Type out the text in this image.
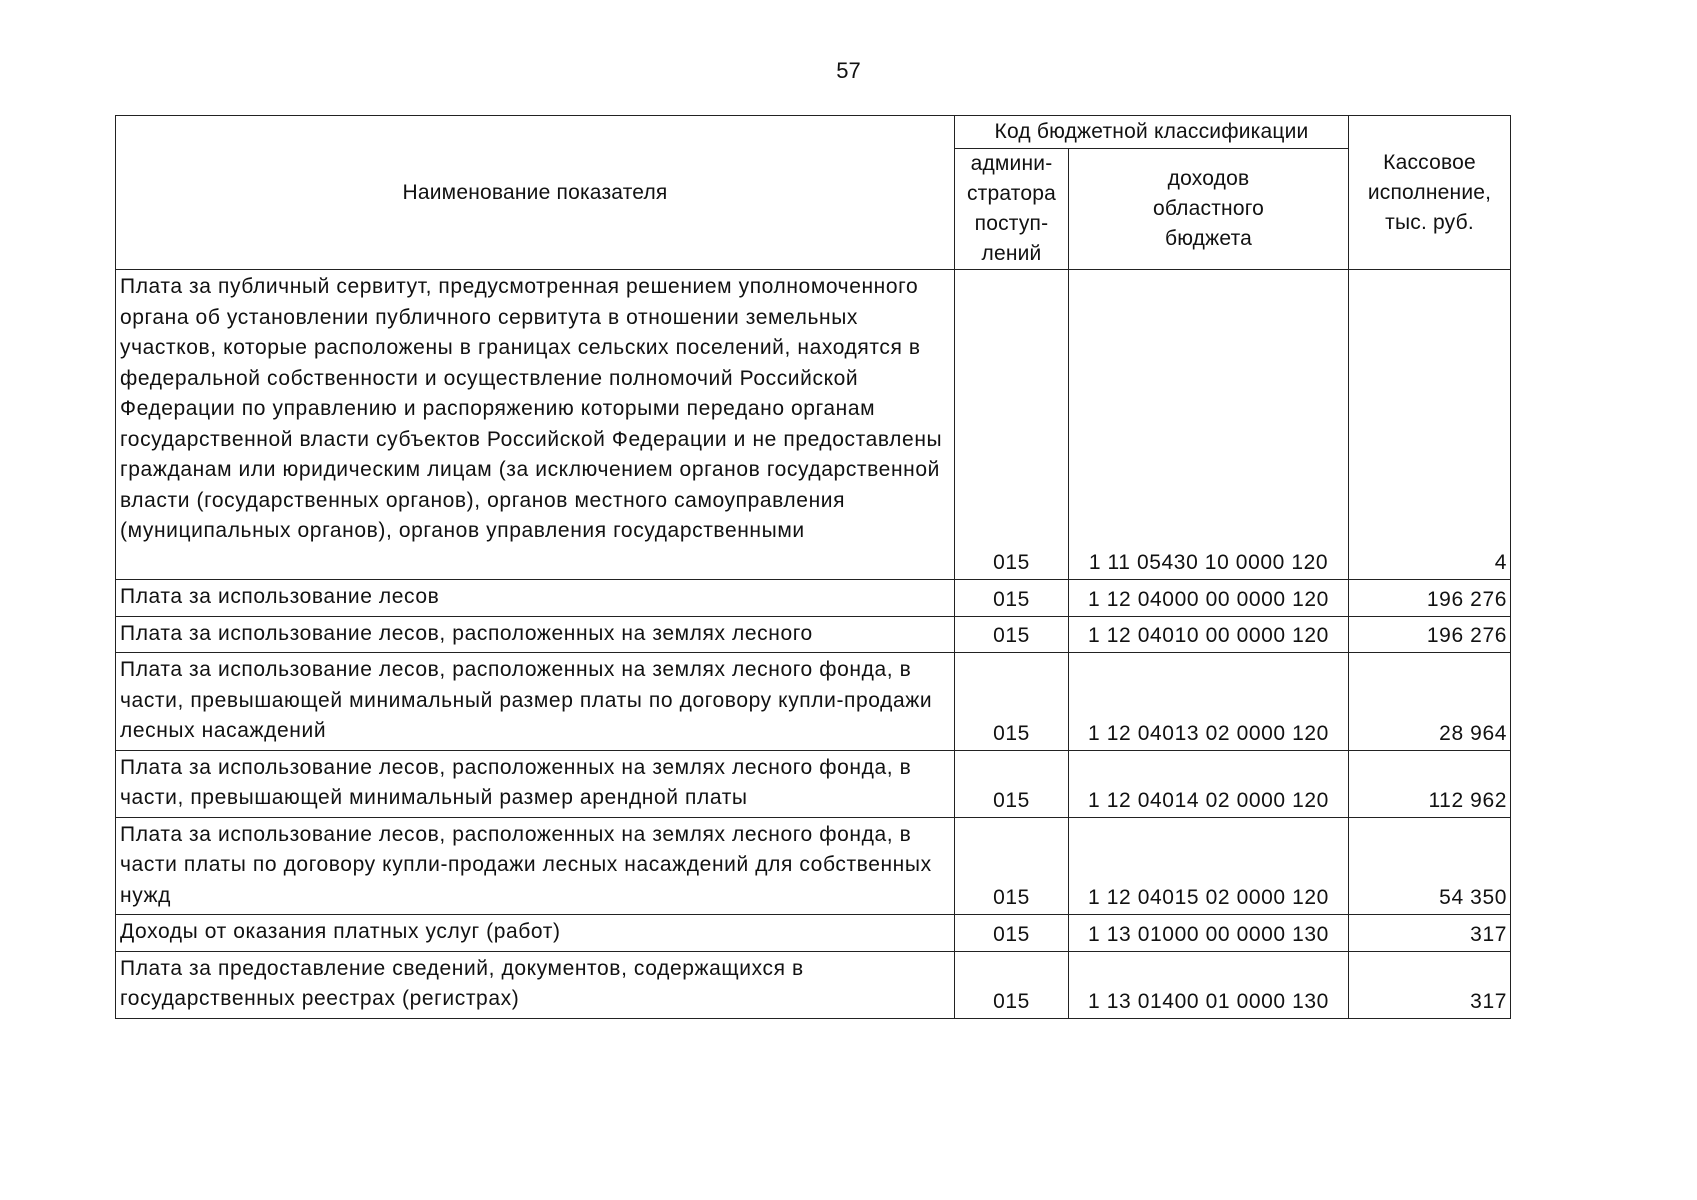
57
Наименование показателя	Код бюджетной классификации		Кассовое
исполнение,
тыс. руб.
	админи-
стратора
поступ-
лений	доходов
областного
бюджета	
Плата за публичный сервитут, предусмотренная решением уполномоченного органа об установлении публичного сервитута в отношении земельных участков, которые расположены в границах сельских поселений, находятся в федеральной собственности и осуществление полномочий Российской Федерации по управлению и распоряжению которыми передано органам государственной власти субъектов Российской Федерации и не предоставлены гражданам или юридическим лицам (за исключением органов государственной власти (государственных органов), органов местного самоуправления (муниципальных органов), органов управления государственными	015	1 11 05430 10 0000 120	4
Плата за использование лесов	015	1 12 04000 00 0000 120	196 276
Плата за использование лесов, расположенных на землях лесного	015	1 12 04010 00 0000 120	196 276
Плата за использование лесов, расположенных на землях лесного фонда, в части, превышающей минимальный размер платы по договору купли-продажи лесных насаждений	015	1 12 04013 02 0000 120	28 964
Плата за использование лесов, расположенных на землях лесного фонда, в части, превышающей минимальный размер арендной платы	015	1 12 04014 02 0000 120	112 962
Плата за использование лесов, расположенных на землях лесного фонда, в части платы по договору купли-продажи лесных насаждений для собственных нужд	015	1 12 04015 02 0000 120	54 350
Доходы от оказания платных услуг (работ)	015	1 13 01000 00 0000 130	317
Плата за предоставление сведений, документов, содержащихся в государственных реестрах (регистрах)	015	1 13 01400 01 0000 130	317
